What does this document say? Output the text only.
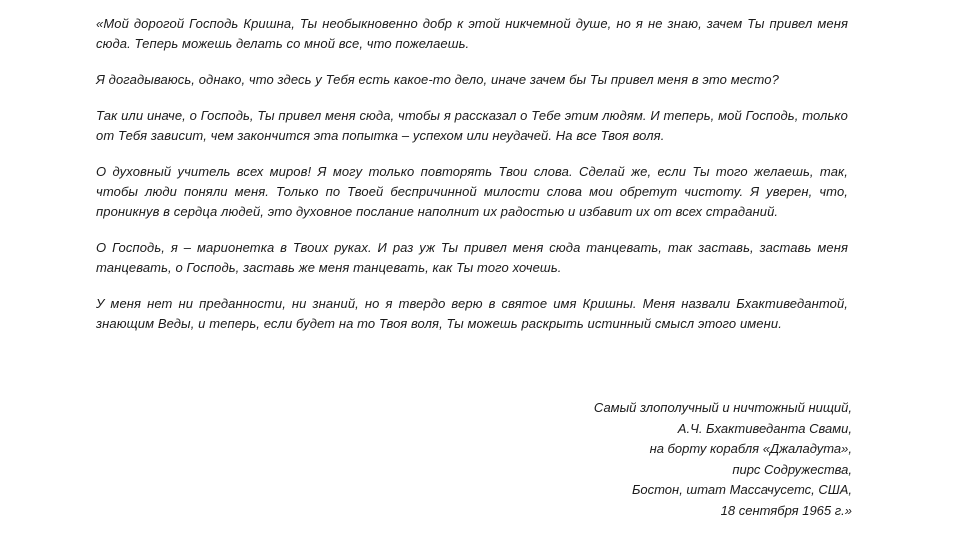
«Мой дорогой Господь Кришна, Ты необыкновенно добр к этой никчемной душе, но я не знаю, зачем Ты привел меня сюда. Теперь можешь делать со мной все, что пожелаешь.

Я догадываюсь, однако, что здесь у Тебя есть какое-то дело, иначе зачем бы Ты привел меня в это место?

Так или иначе, о Господь, Ты привел меня сюда, чтобы я рассказал о Тебе этим людям. И теперь, мой Господь, только от Тебя зависит, чем закончится эта попытка – успехом или неудачей. На все Твоя воля.

О духовный учитель всех миров! Я могу только повторять Твои слова. Сделай же, если Ты того желаешь, так, чтобы люди поняли меня. Только по Твоей беспричинной милости слова мои обретут чистоту. Я уверен, что, проникнув в сердца людей, это духовное послание наполнит их радостью и избавит их от всех страданий.

О Господь, я – марионетка в Твоих руках. И раз уж Ты привел меня сюда танцевать, так заставь, заставь меня танцевать, о Господь, заставь же меня танцевать, как Ты того хочешь.

У меня нет ни преданности, ни знаний, но я твердо верю в святое имя Кришны. Меня назвали Бхактиведантой, знающим Веды, и теперь, если будет на то Твоя воля, Ты можешь раскрыть истинный смысл этого имени.

Самый злополучный и ничтожный нищий,
А.Ч. Бхактиведанта Свами,
на борту корабля «Джаладута»,
пирс Содружества,
Бостон, штат Массачусетс, США,
18 сентября 1965 г.»
